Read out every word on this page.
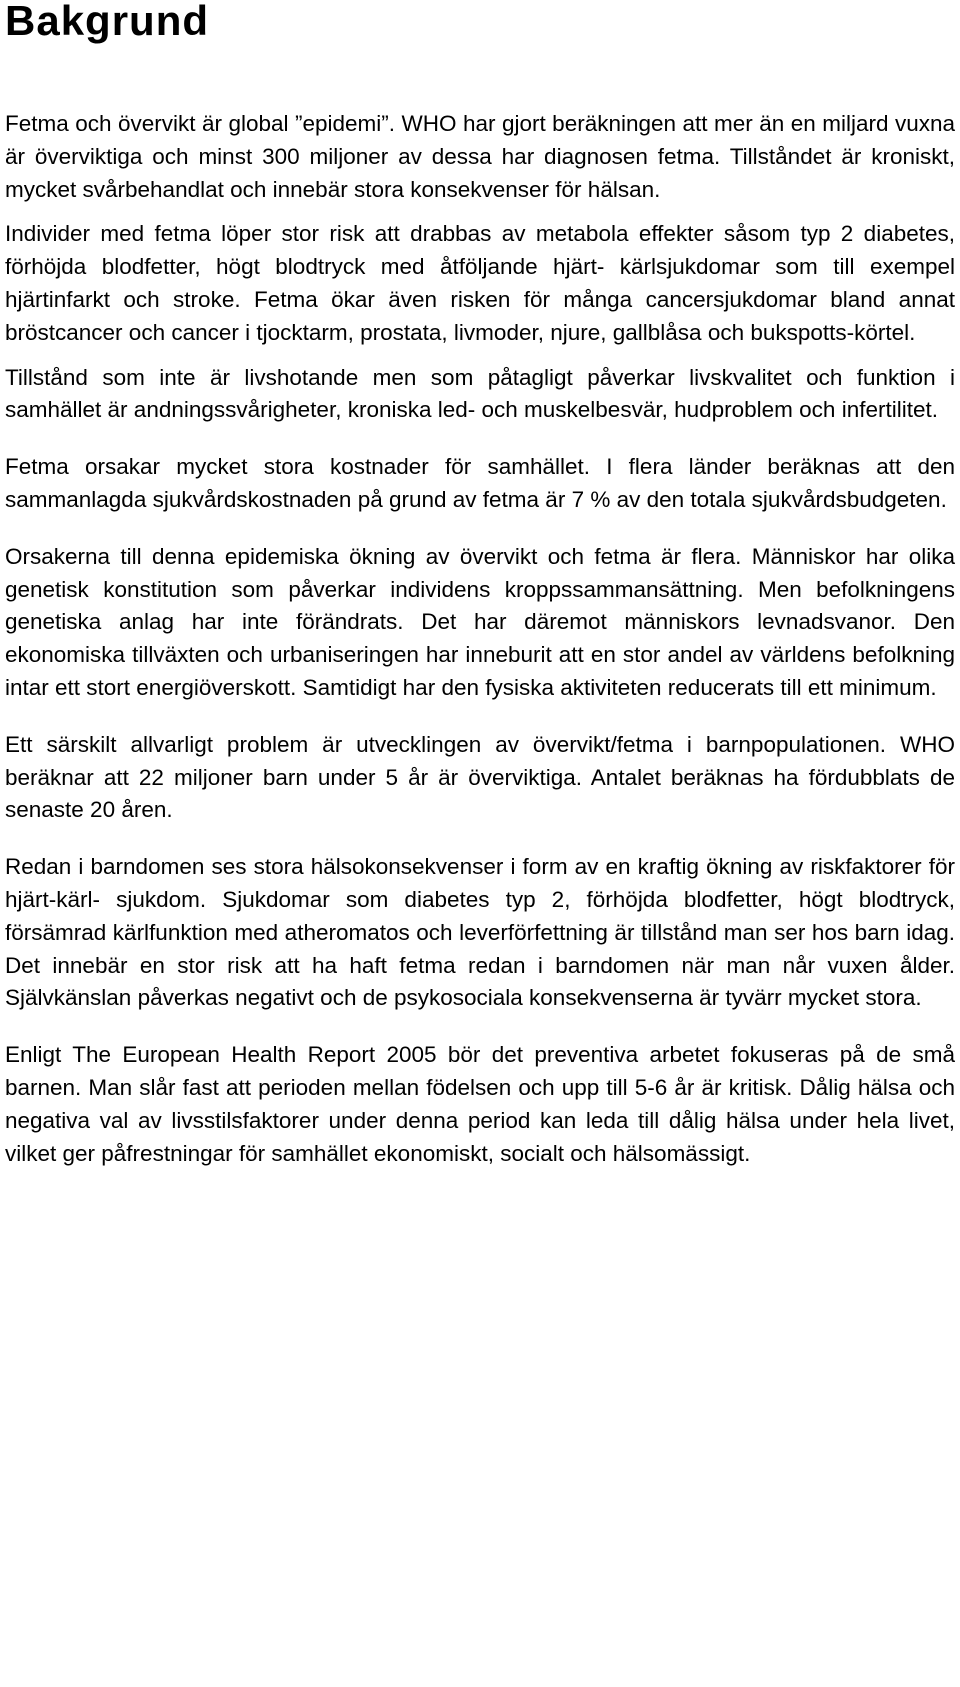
Bakgrund

Fetma och övervikt är global ”epidemi”. WHO har gjort beräkningen att mer än en miljard vuxna är överviktiga och minst 300 miljoner av dessa har diagnosen fetma. Tillståndet är kroniskt, mycket svårbehandlat och innebär stora konsekvenser för hälsan.

Individer med fetma löper stor risk att drabbas av metabola effekter såsom typ 2 diabetes, förhöjda blodfetter, högt blodtryck med åtföljande hjärt- kärlsjukdomar som till exempel hjärtinfarkt och stroke. Fetma ökar även risken för många cancersjukdomar bland annat bröstcancer och cancer i tjocktarm, prostata, livmoder, njure, gallblåsa och bukspotts-körtel.

Tillstånd som inte är livshotande men som påtagligt påverkar livskvalitet och funktion i samhället är andningssvårigheter, kroniska led- och muskelbesvär, hudproblem och infertilitet.

Fetma orsakar mycket stora kostnader för samhället. I flera länder beräknas att den sammanlagda sjukvårdskostnaden på grund av fetma är 7 % av den totala sjukvårdsbudgeten.

Orsakerna till denna epidemiska ökning av övervikt och fetma är flera. Människor har olika genetisk konstitution som påverkar individens kroppssammansättning. Men befolkningens genetiska anlag har inte förändrats. Det har däremot människors levnadsvanor. Den ekonomiska tillväxten och urbaniseringen har inneburit att en stor andel av världens befolkning intar ett stort energiöverskott. Samtidigt har den fysiska aktiviteten reducerats till ett minimum.

Ett särskilt allvarligt problem är utvecklingen av övervikt/fetma i barnpopulationen. WHO beräknar att 22 miljoner barn under 5 år är överviktiga. Antalet beräknas ha fördubblats de senaste 20 åren.

Redan i barndomen ses stora hälsokonsekvenser i form av en kraftig ökning av riskfaktorer för hjärt-kärl- sjukdom. Sjukdomar som diabetes typ 2, förhöjda blodfetter, högt blodtryck, försämrad kärlfunktion med atheromatos och leverförfettning är tillstånd man ser hos barn idag. Det innebär en stor risk att ha haft fetma redan i barndomen när man når vuxen ålder. Självkänslan påverkas negativt och de psykosociala konsekvenserna är tyvärr mycket stora.

Enligt The European Health Report 2005 bör det preventiva arbetet fokuseras på de små barnen. Man slår fast att perioden mellan födelsen och upp till 5-6 år är kritisk. Dålig hälsa och negativa val av livsstilsfaktorer under denna period kan leda till dålig hälsa under hela livet, vilket ger påfrestningar för samhället ekonomiskt, socialt och hälsomässigt.
